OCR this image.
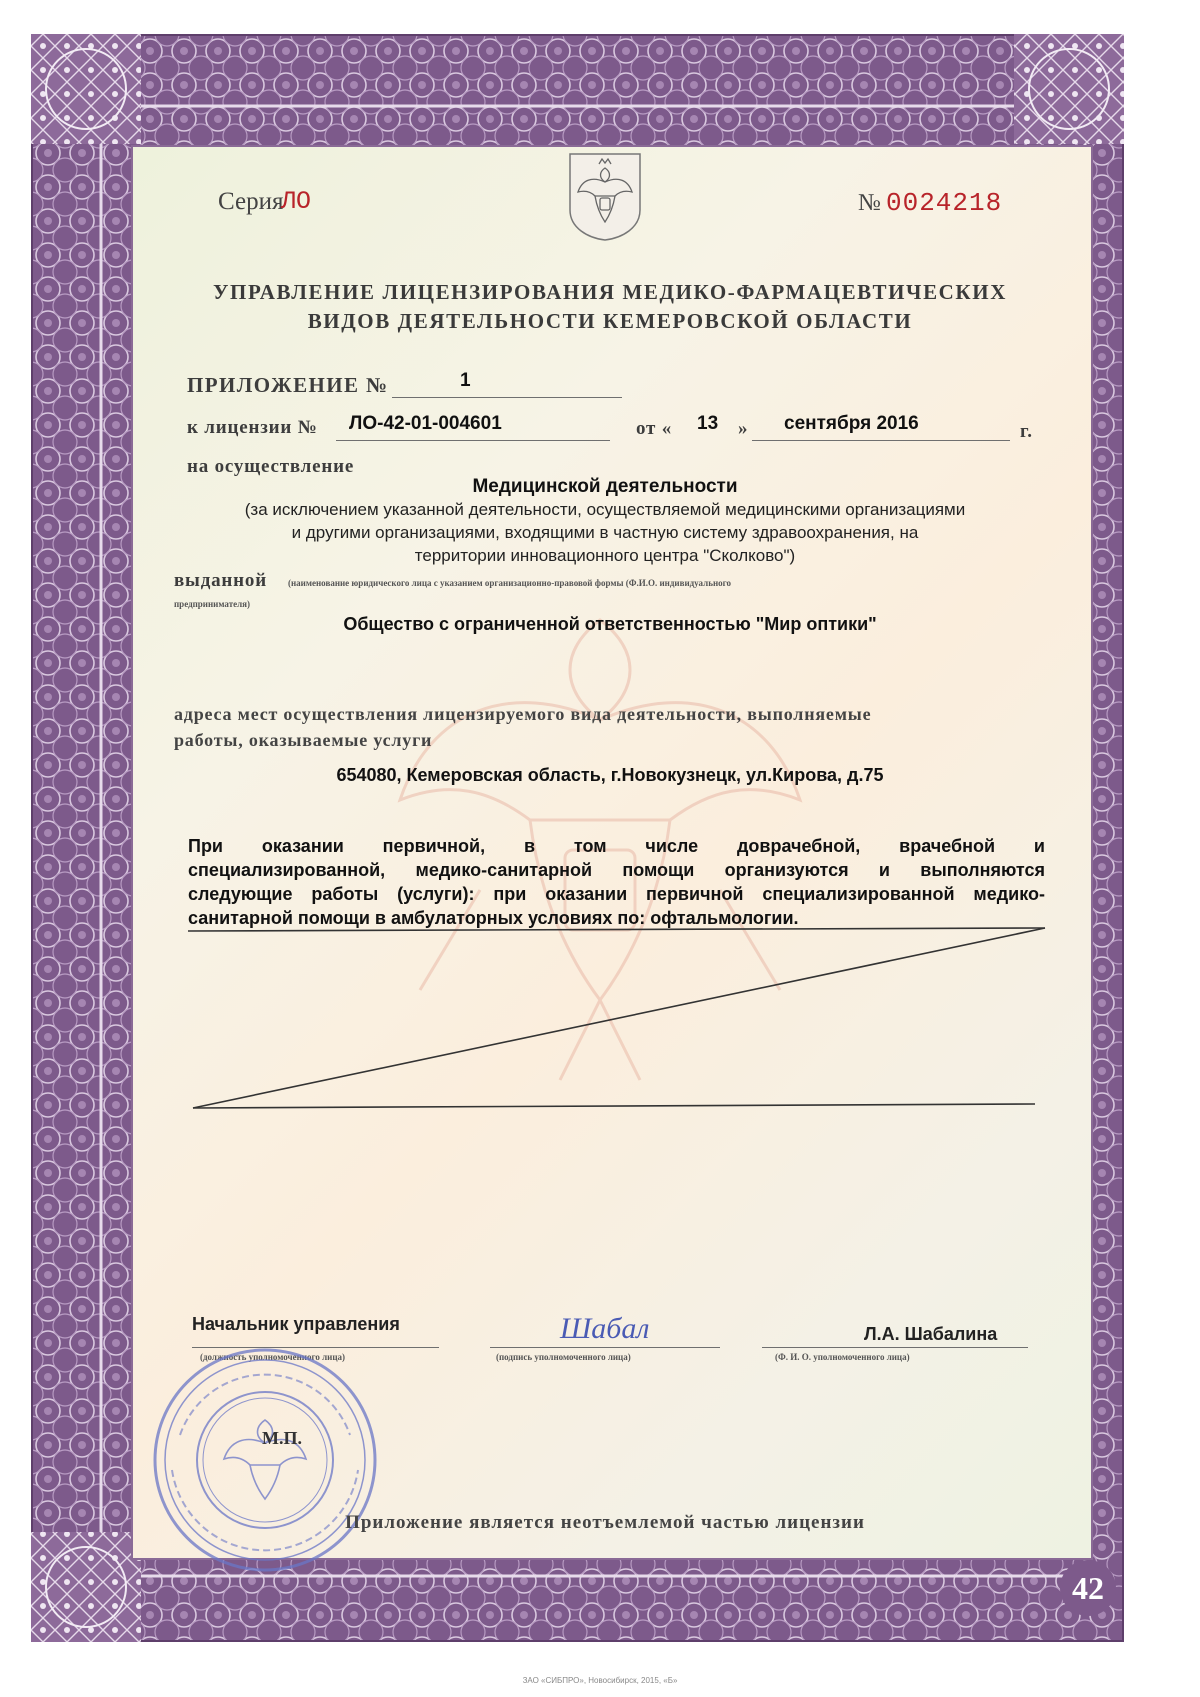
Серия
ЛО	№ 0024218
УПРАВЛЕНИЕ ЛИЦЕНЗИРОВАНИЯ МЕДИКО-ФАРМАЦЕВТИЧЕСКИХ
ВИДОВ ДЕЯТЕЛЬНОСТИ КЕМЕРОВСКОЙ ОБЛАСТИ
ПРИЛОЖЕНИЕ №	1
к лицензии № ЛО-42-01-004601	от « 13 » сентября 2016	г.
на осуществление
Медицинской деятельности
(за исключением указанной деятельности, осуществляемой медицинскими организациями
и другими организациями, входящими в частную систему здравоохранения, на
территории инновационного центра "Сколково")
выданной (наименование юридического лица с указанием организационно-правовой формы (Ф.И.О. индивидуального
предпринимателя)
Общество с ограниченной ответственностью "Мир оптики"
адреса мест осуществления лицензируемого вида деятельности, выполняемые
работы, оказываемые услуги
654080, Кемеровская область, г.Новокузнецк, ул.Кирова, д.75
При оказании первичной, в том числе доврачебной, врачебной и
специализированной, медико-санитарной помощи организуются и выполняются
следующие работы (услуги): при оказании первичной специализированной медико-
санитарной помощи в амбулаторных условиях по: офтальмологии.
Начальник управления
(должность уполномоченного лица)
Шабал
(подпись уполномоченного лица)
Л.А. Шабалина
(Ф. И. О. уполномоченного лица)
М.П.
Приложение является неотъемлемой частью лицензии
42
ЗАО «СИБПРО», Новосибирск, 2015, «Б»
